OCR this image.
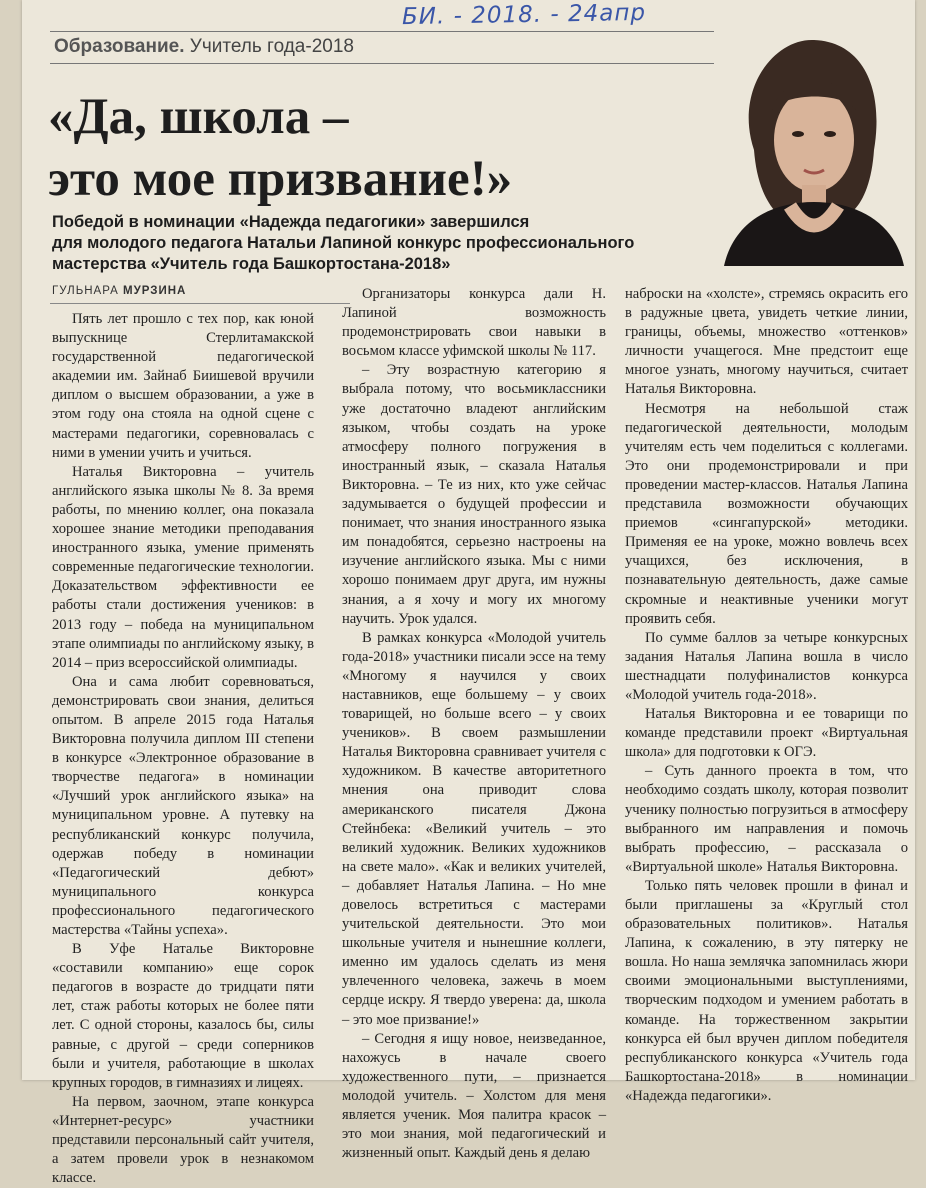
БИ. - 2018. - 24апр
Образование. Учитель года-2018
«Да, школа –
это мое призвание!»
Победой в номинации «Надежда педагогики» завершился
для молодого педагога Натальи Лапиной конкурс профессионального
мастерства «Учитель года Башкортостана-2018»
ГУЛЬНАРА МУРЗИНА

Пять лет прошло с тех пор, как юной выпускнице Стерлитамакской государственной педагогической академии им. Зайнаб Биишевой вручили диплом о высшем образовании, а уже в этом году она стояла на одной сцене с мастерами педагогики, соревновалась с ними в умении учить и учиться.

Наталья Викторовна – учитель английского языка школы № 8. За время работы, по мнению коллег, она показала хорошее знание методики преподавания иностранного языка, умение применять современные педагогические технологии. Доказательством эффективности ее работы стали достижения учеников: в 2013 году – победа на муниципальном этапе олимпиады по английскому языку, в 2014 – приз всероссийской олимпиады.

Она и сама любит соревноваться, демонстрировать свои знания, делиться опытом. В апреле 2015 года Наталья Викторовна получила диплом III степени в конкурсе «Электронное образование в творчестве педагога» в номинации «Лучший урок английского языка» на муниципальном уровне. А путевку на республиканский конкурс получила, одержав победу в номинации «Педагогический дебют» муниципального конкурса профессионального педагогического мастерства «Тайны успеха».

В Уфе Наталье Викторовне «составили компанию» еще сорок педагогов в возрасте до тридцати пяти лет, стаж работы которых не более пяти лет. С одной стороны, казалось бы, силы равные, с другой – среди соперников были и учителя, работающие в школах крупных городов, в гимназиях и лицеях.

На первом, заочном, этапе конкурса «Интернет-ресурс» участники представили персональный сайт учителя, а затем провели урок в незнакомом классе.

Организаторы конкурса дали Н. Лапиной возможность продемонстрировать свои навыки в восьмом классе уфимской школы № 117.

– Эту возрастную категорию я выбрала потому, что восьмиклассники уже достаточно владеют английским языком, чтобы создать на уроке атмосферу полного погружения в иностранный язык, – сказала Наталья Викторовна. – Те из них, кто уже сейчас задумывается о будущей профессии и понимает, что знания иностранного языка им понадобятся, серьезно настроены на изучение английского языка. Мы с ними хорошо понимаем друг друга, им нужны знания, а я хочу и могу их многому научить. Урок удался.

В рамках конкурса «Молодой учитель года-2018» участники писали эссе на тему «Многому я научился у своих наставников, еще большему – у своих товарищей, но больше всего – у своих учеников». В своем размышлении Наталья Викторовна сравнивает учителя с художником. В качестве авторитетного мнения она приводит слова американского писателя Джона Стейнбека: «Великий учитель – это великий художник. Великих художников на свете мало». «Как и великих учителей, – добавляет Наталья Лапина. – Но мне довелось встретиться с мастерами учительской деятельности. Это мои школьные учителя и нынешние коллеги, именно им удалось сделать из меня увлеченного человека, зажечь в моем сердце искру. Я твердо уверена: да, школа – это мое призвание!»

– Сегодня я ищу новое, неизведанное, нахожусь в начале своего художественного пути, – признается молодой учитель. – Холстом для меня является ученик. Моя палитра красок – это мои знания, мой педагогический и жизненный опыт. Каждый день я делаю

наброски на «холсте», стремясь окрасить его в радужные цвета, увидеть четкие линии, границы, объемы, множество «оттенков» личности учащегося. Мне предстоит еще многое узнать, многому научиться, считает Наталья Викторовна.

Несмотря на небольшой стаж педагогической деятельности, молодым учителям есть чем поделиться с коллегами. Это они продемонстрировали и при проведении мастер-классов. Наталья Лапина представила возможности обучающих приемов «сингапурской» методики. Применяя ее на уроке, можно вовлечь всех учащихся, без исключения, в познавательную деятельность, даже самые скромные и неактивные ученики могут проявить себя.

По сумме баллов за четыре конкурсных задания Наталья Лапина вошла в число шестнадцати полуфиналистов конкурса «Молодой учитель года-2018».

Наталья Викторовна и ее товарищи по команде представили проект «Виртуальная школа» для подготовки к ОГЭ.

– Суть данного проекта в том, что необходимо создать школу, которая позволит ученику полностью погрузиться в атмосферу выбранного им направления и помочь выбрать профессию, – рассказала о «Виртуальной школе» Наталья Викторовна.

Только пять человек прошли в финал и были приглашены за «Круглый стол образовательных политиков». Наталья Лапина, к сожалению, в эту пятерку не вошла. Но наша землячка запомнилась жюри своими эмоциональными выступлениями, творческим подходом и умением работать в команде. На торжественном закрытии конкурса ей был вручен диплом победителя республиканского конкурса «Учитель года Башкортостана-2018» в номинации «Надежда педагогики».
